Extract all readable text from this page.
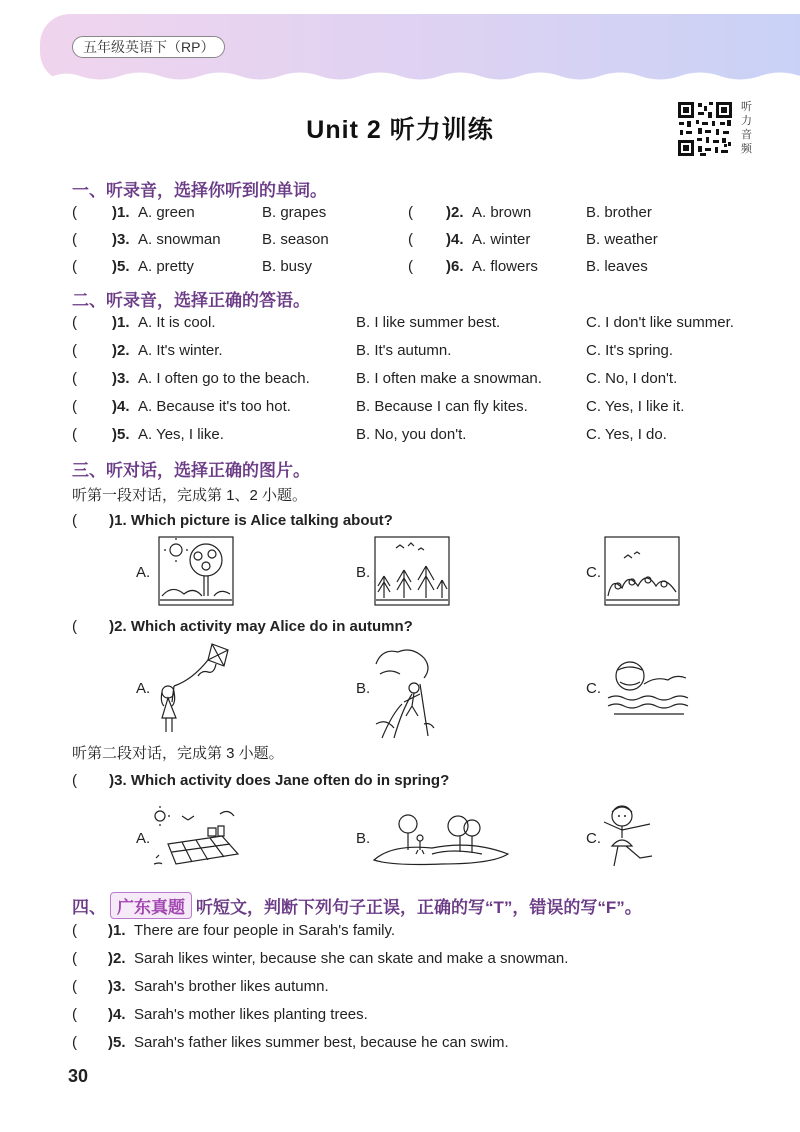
五年级英语下（RP）
Unit 2 听力训练
听
力
音
频
一、听录音，选择你听到的单词。
( )1. A. green	B. grapes	( )2. A. brown	B. brother
( )3. A. snowman	B. season	( )4. A. winter	B. weather
( )5. A. pretty	B. busy	( )6. A. flowers	B. leaves
二、听录音，选择正确的答语。
( )1. A. It is cool.	B. I like summer best.	C. I don't like summer.
( )2. A. It's winter.	B. It's autumn.	C. It's spring.
( )3. A. I often go to the beach.	B. I often make a snowman.	C. No, I don't.
( )4. A. Because it's too hot.	B. Because I can fly kites.	C. Yes, I like it.
( )5. A. Yes, I like.	B. No, you don't.	C. Yes, I do.
三、听对话，选择正确的图片。
听第一段对话，完成第 1、2 小题。
( )1. Which picture is Alice talking about?
A.	B.	C.
( )2. Which activity may Alice do in autumn?
A.	B.	C.
听第二段对话，完成第 3 小题。
( )3. Which activity does Jane often do in spring?
A.	B.	C.
四、 广东真题 听短文，判断下列句子正误，正确的写“T”，错误的写“F”。
( )1. There are four people in Sarah's family.
( )2. Sarah likes winter, because she can skate and make a snowman.
( )3. Sarah's brother likes autumn.
( )4. Sarah's mother likes planting trees.
( )5. Sarah's father likes summer best, because he can swim.
30
